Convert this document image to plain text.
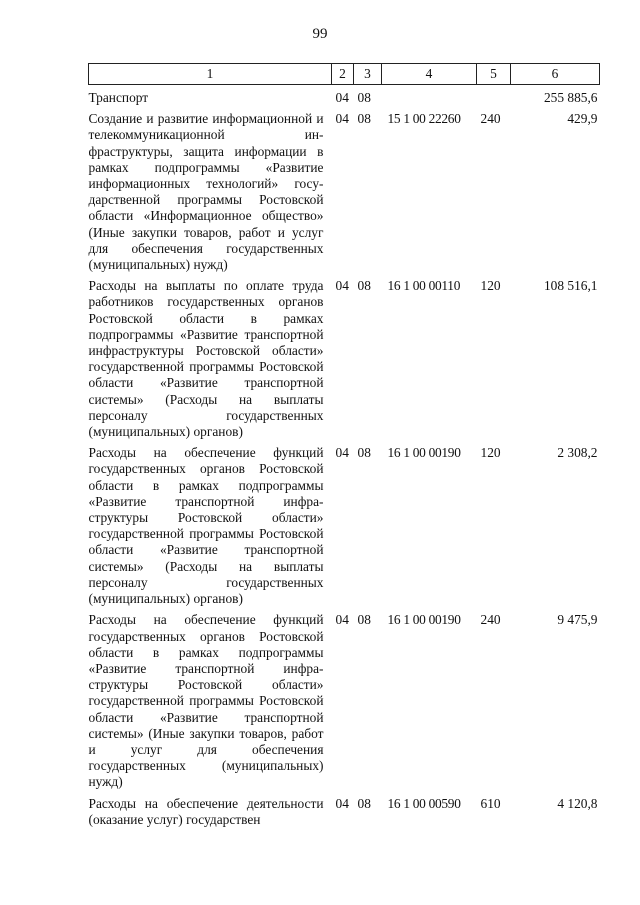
99
1	2	3	4	5	6
Транспорт	04	08			255 885,6
Создание и развитие информационной и телекоммуникационной инфраструктуры, защита информации в рамках подпрограммы «Развитие информационных технологий» государственной программы Ростовской области «Информационное общество» (Иные закупки товаров, работ и услуг для обеспечения государственных (муниципальных) нужд)	04	08	15 1 00 22260	240	429,9
Расходы на выплаты по оплате труда работников государственных органов Ростовской области в рамках подпрограммы «Развитие транспортной инфраструктуры Ростовской области» государственной программы Ростовской области «Развитие транспортной системы» (Расходы на выплаты персоналу государственных (муниципальных) органов)	04	08	16 1 00 00110	120	108 516,1
Расходы на обеспечение функций государственных органов Ростовской области в рамках подпрограммы «Развитие транспортной инфраструктуры Ростовской области» государственной программы Ростовской области «Развитие транспортной системы» (Расходы на выплаты персоналу государственных (муниципальных) органов)	04	08	16 1 00 00190	120	2 308,2
Расходы на обеспечение функций государственных органов Ростовской области в рамках подпрограммы «Развитие транспортной инфраструктуры Ростовской области» государственной программы Ростовской области «Развитие транспортной системы» (Иные закупки товаров, работ и услуг для обеспечения государственных (муниципальных) нужд)	04	08	16 1 00 00190	240	9 475,9
Расходы на обеспечение деятельности (оказание услуг) государствен	04	08	16 1 00 00590	610	4 120,8
